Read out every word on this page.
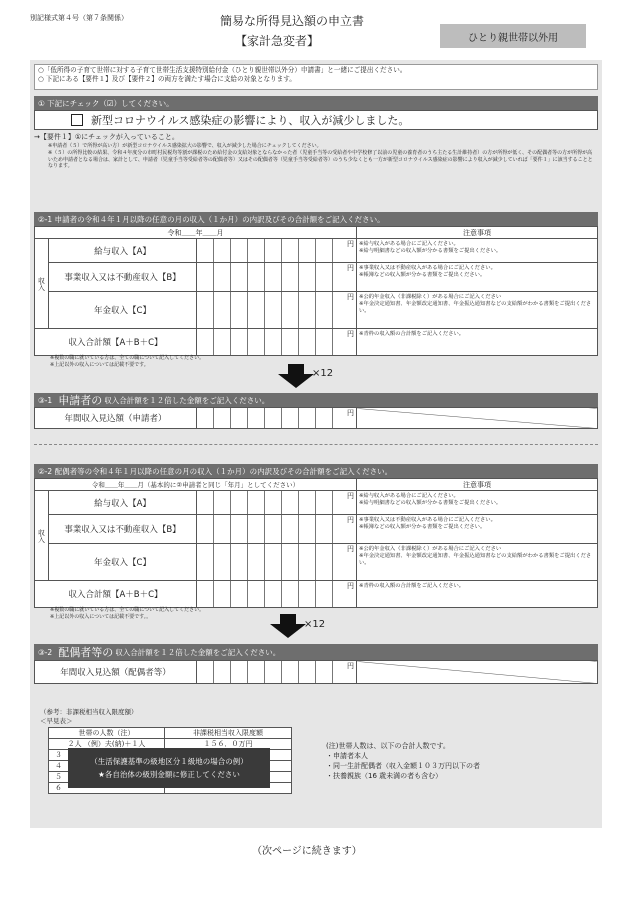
別記様式第４号（第７条関係）	簡易な所得見込額の申立書
【家計急変者】	ひとり親世帯以外用
○「低所得の子育て世帯に対する子育て世帯生活支援特別給付金（ひとり親世帯以外分）申請書」と一緒にご提出ください。
○ 下記にある【要件１】及び【要件２】の両方を満たす場合に支給の対象となります。
① 下記にチェック（☑）してください。
新型コロナウイルス感染症の影響により、収入が減少しました。
→【要件１】①にチェックが入っていること。
※申請者（５）で所得が高い方）が新型コロナウイルス感染拡大の影響で、収入が減少した場合にチェックしてください。
※（５）の所得比較の結果、令和４年度分の市町村民税均等割が課税のため給付金の支給対象とならなかった者（児童手当等の受給者や中学校修了以前の児童の養育者のうち主たる生計維持者）の方が所得が低く、その配偶者等の方が所得が高いため申請者となる場合は、家計として、申請者（児童手当等受給者等の配偶者等）又はその配偶者等（児童手当等受給者等）のうち少なくとも一方が新型コロナウイルス感染症の影響により収入が減少していれば「要件１」に該当することとなります。
②-1 申請者の令和４年１月以降の任意の月の収入（１か月）の内訳及びその合計額をご記入ください。
令和＿＿年＿＿月			注意事項
収入	給与収入【A】	円	※給与収入がある場合にご記入ください。
※給与明細書などの収入額が分かる書類をご提出ください。
	事業収入又は不動産収入【B】	円	※事業収入又は不動産収入がある場合にご記入ください。
※帳簿などの収入額が分かる書類をご提出ください。
	年金収入【C】	円	※公的年金収入（非課税除く）がある場合にご記入ください
※年金決定通知書、年金額改定通知書、年金振込通知書などの支給額がわかる書類をご提出ください。
収入合計額【A＋B＋C】		円	※青枠の収入額の合計額をご記入ください。
※複数の職に就いている方は、全ての職について記入してください。
※上記以外の収入については記載不要です。
×12
③-1 申請者の 収入合計額を１２倍した金額をご記入ください。
年間収入見込額（申請者）	
円

②-2 配偶者等の令和４年１月以降の任意の月の収入（１か月）の内訳及びその合計額をご記入ください。
令和＿＿年＿＿月（基本的に②申請者と同じ「年月」としてください）			注意事項
収入	給与収入【A】	円	※給与収入がある場合にご記入ください。
※給与明細書などの収入額が分かる書類をご提出ください。
	事業収入又は不動産収入【B】	円	※事業収入又は不動産収入がある場合にご記入ください。
※帳簿などの収入額が分かる書類をご提出ください。
	年金収入【C】	円	※公的年金収入（非課税除く）がある場合にご記入ください
※年金決定通知書、年金額改定通知書、年金振込通知書などの支給額がわかる書類をご提出ください。
収入合計額【A＋B＋C】		円	※青枠の収入額の合計額をご記入ください。
※複数の職に就いている方は、全ての職について記入してください。
※上記以外の収入については記載不要です。。
×12
③-2 配偶者等の 収入合計額を１２倍した金額をご記入ください。
年間収入見込額（配偶者等）	
円

（参考：非課税相当収入限度額）
＜早見表＞
世帯の人数（注）	非課税相当収入限度額
２人 （例）夫(納)＋１人	１５６．０万円
３	
４	
５	
６	
（生活保護基準の級地区分１級地の場合の例）
★各自治体の級別金額に修正してください
(注)世帯人数は、以下の合計人数です。
・申請者本人
・同一生計配偶者（収入金額１０３万円以下の者
・扶養親族（16 歳未満の者も含む）
（次ページに続きます）
